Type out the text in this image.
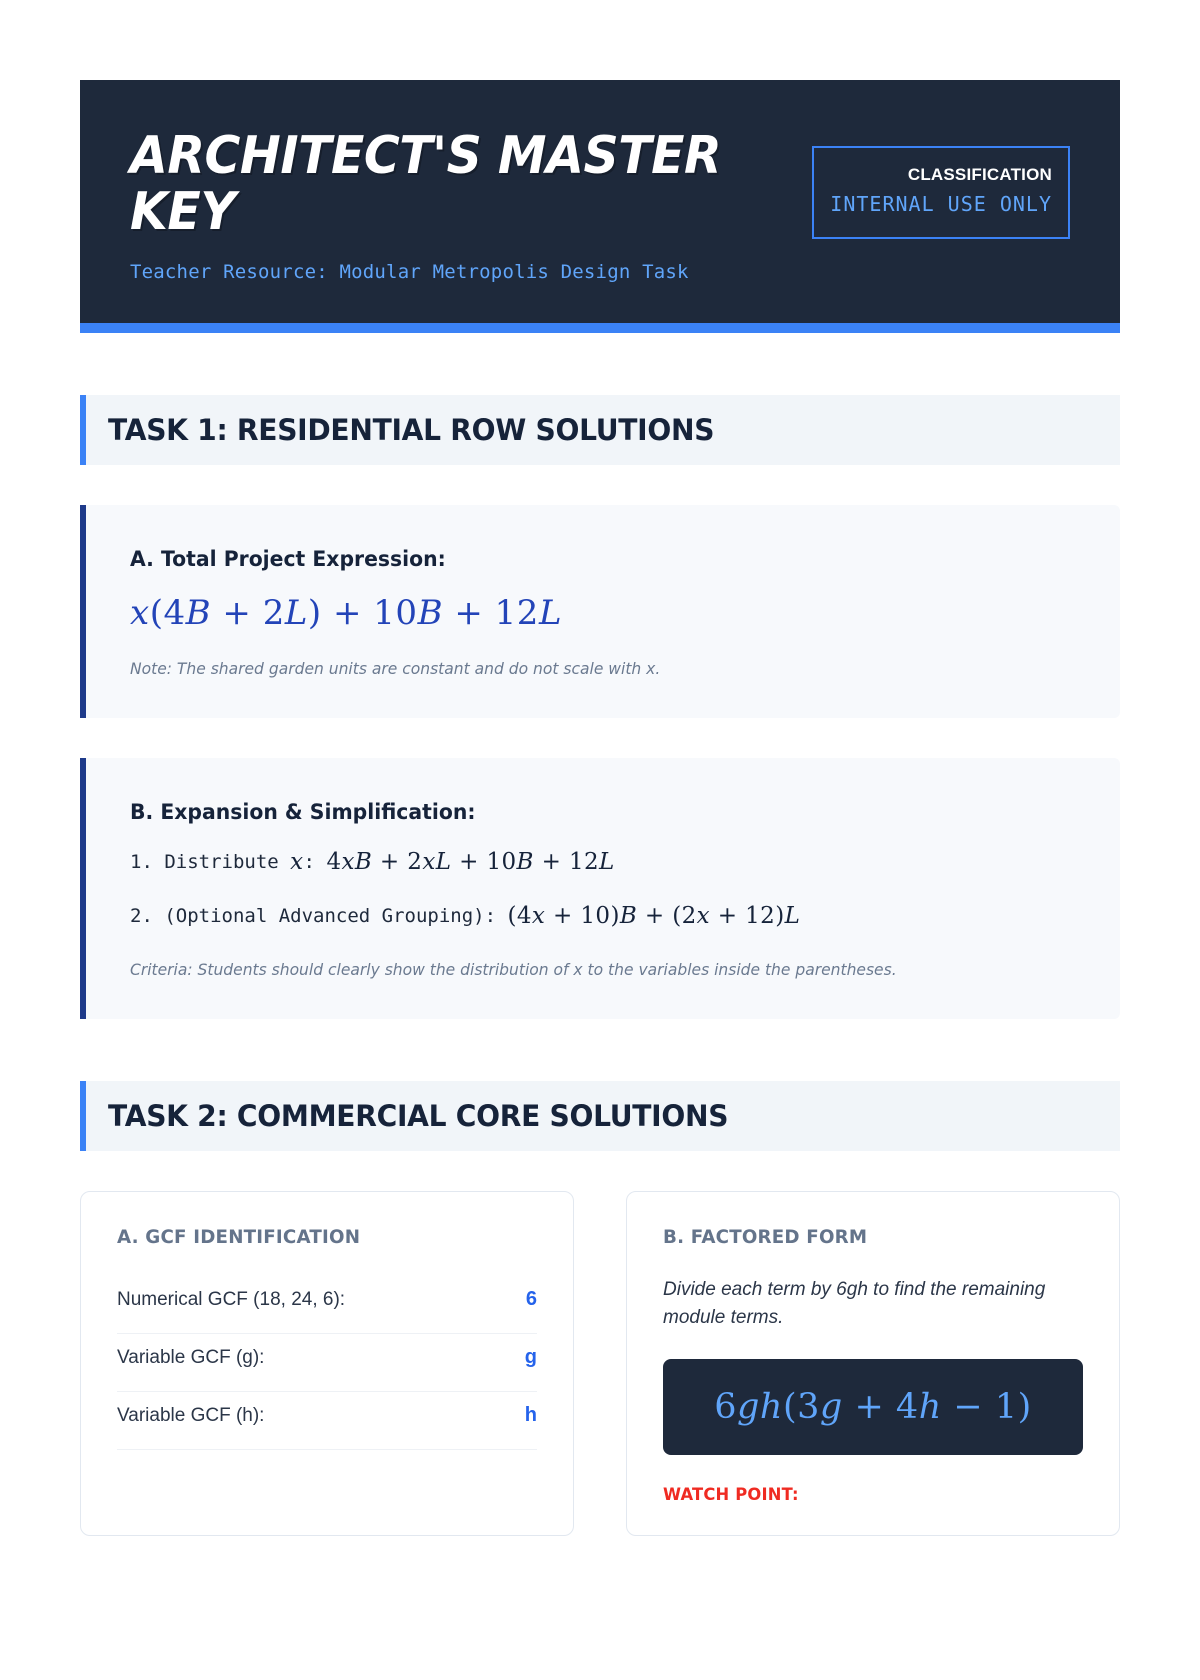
ARCHITECT'S MASTER KEY
Teacher Resource: Modular Metropolis Design Task
CLASSIFICATION
INTERNAL USE ONLY
TASK 1: RESIDENTIAL ROW SOLUTIONS
A. Total Project Expression:
x(4B + 2L) + 10B + 12L
Note: The shared garden units are constant and do not scale with x.
B. Expansion & Simplification:
1. Distribute x: 4xB + 2xL + 10B + 12L
2. (Optional Advanced Grouping): (4x + 10)B + (2x + 12)L
Criteria: Students should clearly show the distribution of x to the variables inside the parentheses.
TASK 2: COMMERCIAL CORE SOLUTIONS
A. GCF IDENTIFICATION
Numerical GCF (18, 24, 6):	6
Variable GCF (g):	g
Variable GCF (h):	h
B. FACTORED FORM
Divide each term by 6gh to find the remaining module terms.
6gh(3g + 4h − 1)
WATCH POINT:
